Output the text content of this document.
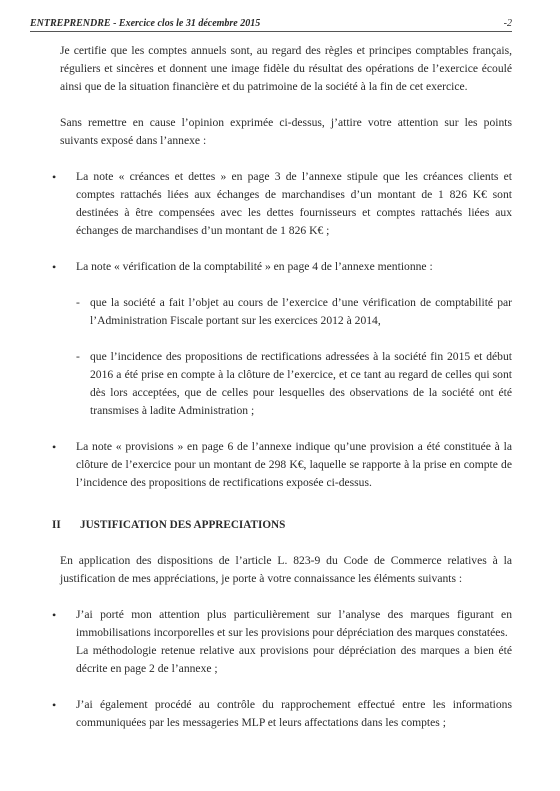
ENTREPRENDRE - Exercice clos le 31 décembre 2015	-2

Je certifie que les comptes annuels sont, au regard des règles et principes comptables français, réguliers et sincères et donnent une image fidèle du résultat des opérations de l’exercice écoulé ainsi que de la situation financière et du patrimoine de la société à la fin de cet exercice.

Sans remettre en cause l’opinion exprimée ci-dessus, j’attire votre attention sur les points suivants exposé dans l’annexe :

• La note « créances et dettes » en page 3 de l’annexe stipule que les créances clients et comptes rattachés liées aux échanges de marchandises d’un montant de 1 826 K€ sont destinées à être compensées avec les dettes fournisseurs et comptes rattachés liées aux échanges de marchandises d’un montant de 1 826 K€ ;

• La note « vérification de la comptabilité » en page 4 de l’annexe mentionne :

- que la société a fait l’objet au cours de l’exercice d’une vérification de comptabilité par l’Administration Fiscale portant sur les exercices 2012 à 2014,
- que l’incidence des propositions de rectifications adressées à la société fin 2015 et début 2016 a été prise en compte à la clôture de l’exercice, et ce tant au regard de celles qui sont dès lors acceptées, que de celles pour lesquelles des observations de la société ont été transmises à ladite Administration ;
• La note « provisions » en page 6 de l’annexe indique qu’une provision a été constituée à la clôture de l’exercice pour un montant de 298 K€, laquelle se rapporte à la prise en compte de l’incidence des propositions de rectifications exposée ci-dessus.

II	JUSTIFICATION DES APPRECIATIONS

En application des dispositions de l’article L. 823-9 du Code de Commerce relatives à la justification de mes appréciations, je porte à votre connaissance les éléments suivants :

• J’ai porté mon attention plus particulièrement sur l’analyse des marques figurant en immobilisations incorporelles et sur les provisions pour dépréciation des marques constatées.

La méthodologie retenue relative aux provisions pour dépréciation des marques a bien été décrite en page 2 de l’annexe ;

• J’ai également procédé au contrôle du rapprochement effectué entre les informations communiquées par les messageries MLP et leurs affectations dans les comptes ;
